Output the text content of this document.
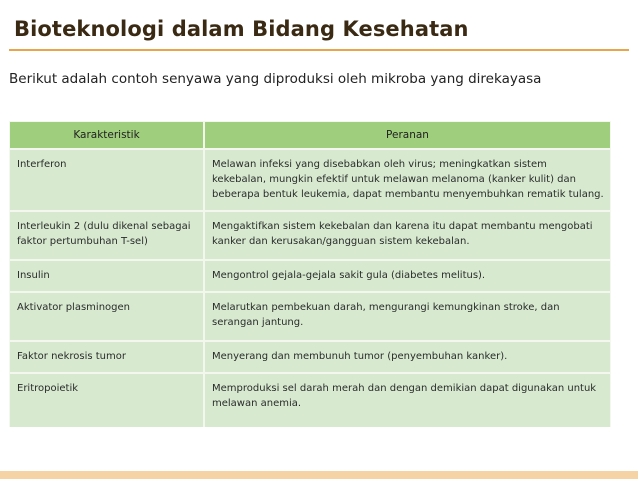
Bioteknologi dalam Bidang Kesehatan
Berikut adalah contoh senyawa yang diproduksi oleh mikroba yang direkayasa
Karakteristik	Peranan
Interferon	Melawan infeksi yang disebabkan oleh virus; meningkatkan sistem kekebalan, mungkin efektif untuk melawan melanoma (kanker kulit) dan beberapa bentuk leukemia, dapat membantu menyembuhkan rematik tulang.
Interleukin 2 (dulu dikenal sebagai faktor pertumbuhan T-sel)	Mengaktifkan sistem kekebalan dan karena itu dapat membantu mengobati kanker dan kerusakan/gangguan sistem kekebalan.
Insulin	Mengontrol gejala-gejala sakit gula (diabetes melitus).
Aktivator plasminogen	Melarutkan pembekuan darah, mengurangi kemungkinan stroke, dan serangan jantung.
Faktor nekrosis tumor	Menyerang dan membunuh tumor (penyembuhan kanker).
Eritropoietik	Memproduksi sel darah merah dan dengan demikian dapat digunakan untuk melawan anemia.
